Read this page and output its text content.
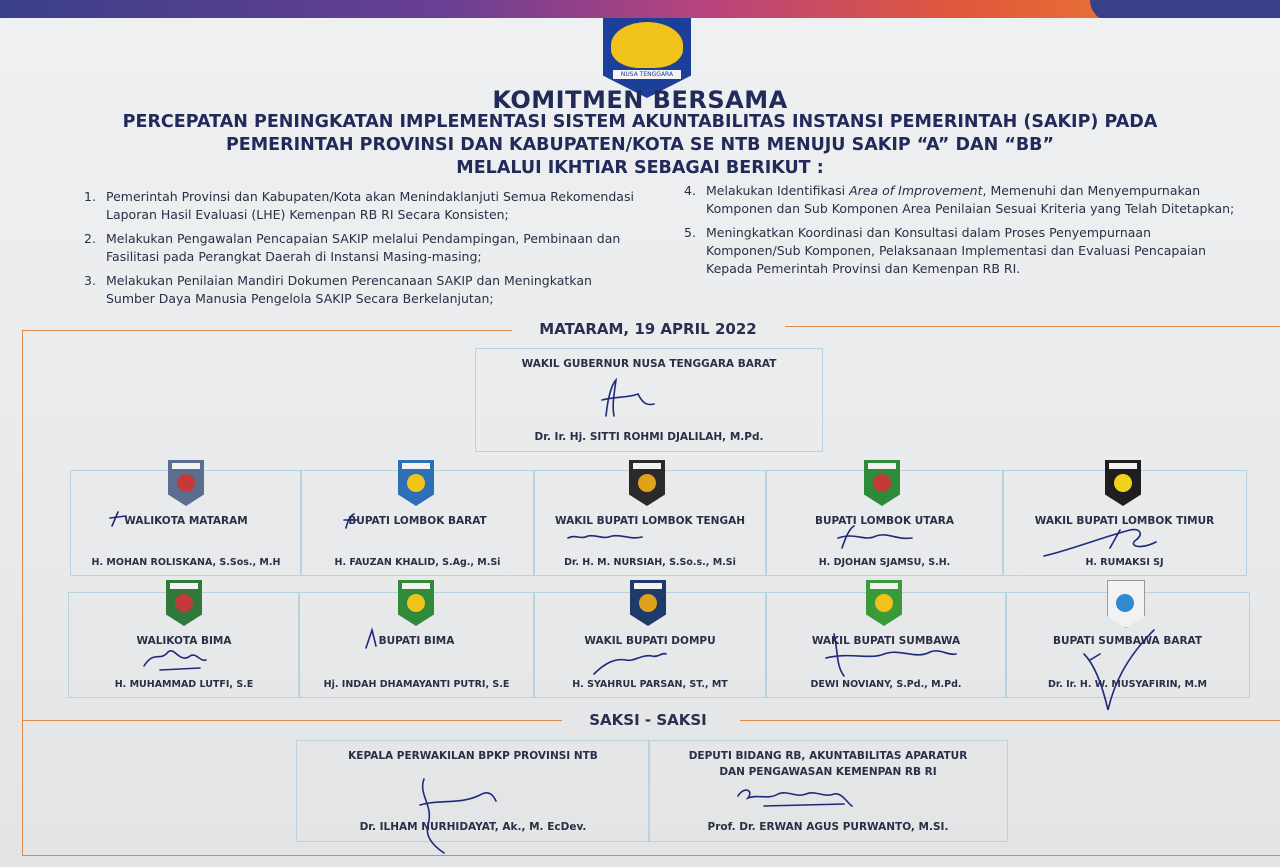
NUSA TENGGARA BARAT
KOMITMEN BERSAMA
PERCEPATAN PENINGKATAN IMPLEMENTASI SISTEM AKUNTABILITAS INSTANSI PEMERINTAH (SAKIP) PADA
PEMERINTAH PROVINSI DAN KABUPATEN/KOTA SE NTB MENUJU SAKIP “A” DAN “BB”
MELALUI IKHTIAR SEBAGAI BERIKUT :
1. Pemerintah Provinsi dan Kabupaten/Kota akan Menindaklanjuti Semua Rekomendasi Laporan Hasil Evaluasi (LHE) Kemenpan RB RI Secara Konsisten;
2. Melakukan Pengawalan Pencapaian SAKIP melalui Pendampingan, Pembinaan dan Fasilitasi pada Perangkat Daerah di Instansi Masing-masing;
3. Melakukan Penilaian Mandiri Dokumen Perencanaan SAKIP dan Meningkatkan Sumber Daya Manusia Pengelola SAKIP Secara Berkelanjutan;
4. Melakukan Identifikasi Area of Improvement, Memenuhi dan Menyempurnakan Komponen dan Sub Komponen Area Penilaian Sesuai Kriteria yang Telah Ditetapkan;
5. Meningkatkan Koordinasi dan Konsultasi dalam Proses Penyempurnaan Komponen/Sub Komponen, Pelaksanaan Implementasi dan Evaluasi Pencapaian Kepada Pemerintah Provinsi dan Kemenpan RB RI.
MATARAM, 19 APRIL 2022
SAKSI - SAKSI
WAKIL GUBERNUR NUSA TENGGARA BARAT
Dr. Ir. Hj. SITTI ROHMI DJALILAH, M.Pd.
WALIKOTA MATARAM
H. MOHAN ROLISKANA, S.Sos., M.H
BUPATI LOMBOK BARAT
H. FAUZAN KHALID, S.Ag., M.Si
WAKIL BUPATI LOMBOK TENGAH
Dr. H. M. NURSIAH, S.So.s., M.Si
BUPATI LOMBOK UTARA
H. DJOHAN SJAMSU, S.H.
WAKIL BUPATI LOMBOK TIMUR
H. RUMAKSI SJ
WALIKOTA BIMA
H. MUHAMMAD LUTFI, S.E
BUPATI BIMA
Hj. INDAH DHAMAYANTI PUTRI, S.E
WAKIL BUPATI DOMPU
H. SYAHRUL PARSAN, ST., MT
WAKIL BUPATI SUMBAWA
DEWI NOVIANY, S.Pd., M.Pd.
BUPATI SUMBAWA BARAT
Dr. Ir. H. W. MUSYAFIRIN, M.M
KEPALA PERWAKILAN BPKP PROVINSI NTB
Dr. ILHAM NURHIDAYAT, Ak., M. EcDev.
DEPUTI BIDANG RB, AKUNTABILITAS APARATUR
DAN PENGAWASAN KEMENPAN RB RI
Prof. Dr. ERWAN AGUS PURWANTO, M.SI.
